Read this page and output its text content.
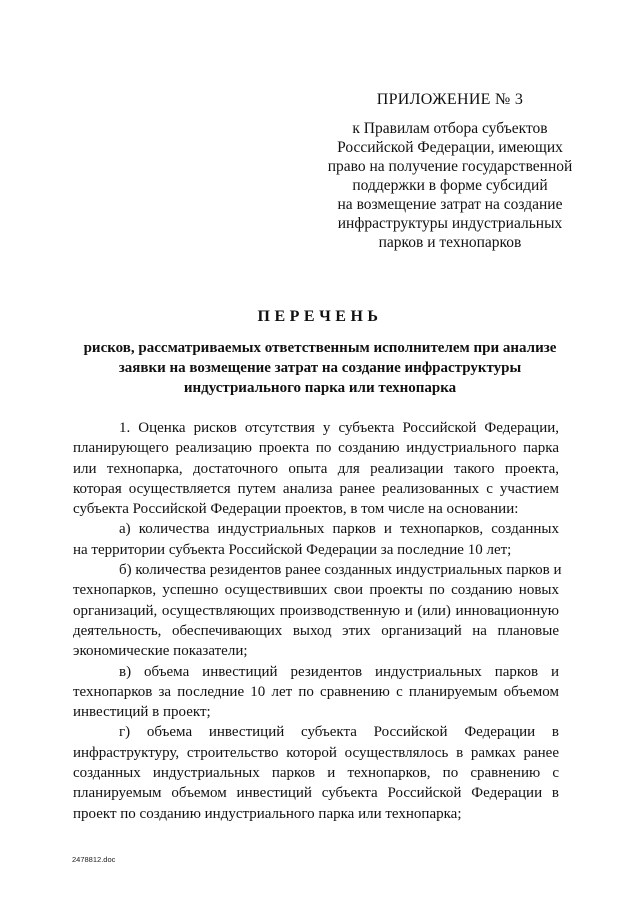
ПРИЛОЖЕНИЕ № 3
к Правилам отбора субъектов
Российской Федерации, имеющих
право на получение государственной
поддержки в форме субсидий
на возмещение затрат на создание
инфраструктуры индустриальных
парков и технопарков
ПЕРЕЧЕНЬ
рисков, рассматриваемых ответственным исполнителем при анализе
заявки на возмещение затрат на создание инфраструктуры
индустриального парка или технопарка
1. Оценка рисков отсутствия у субъекта Российской Федерации,
планирующего реализацию проекта по созданию индустриального парка
или технопарка, достаточного опыта для реализации такого проекта,
которая осуществляется путем анализа ранее реализованных с участием
субъекта Российской Федерации проектов, в том числе на основании:
а) количества индустриальных парков и технопарков, созданных
на территории субъекта Российской Федерации за последние 10 лет;
б) количества резидентов ранее созданных индустриальных парков и
технопарков, успешно осуществивших свои проекты по созданию новых
организаций, осуществляющих производственную и (или) инновационную
деятельность, обеспечивающих выход этих организаций на плановые
экономические показатели;
в) объема инвестиций резидентов индустриальных парков и
технопарков за последние 10 лет по сравнению с планируемым объемом
инвестиций в проект;
г) объема инвестиций субъекта Российской Федерации в
инфраструктуру, строительство которой осуществлялось в рамках ранее
созданных индустриальных парков и технопарков, по сравнению с
планируемым объемом инвестиций субъекта Российской Федерации в
проект по созданию индустриального парка или технопарка;
2478812.doc
